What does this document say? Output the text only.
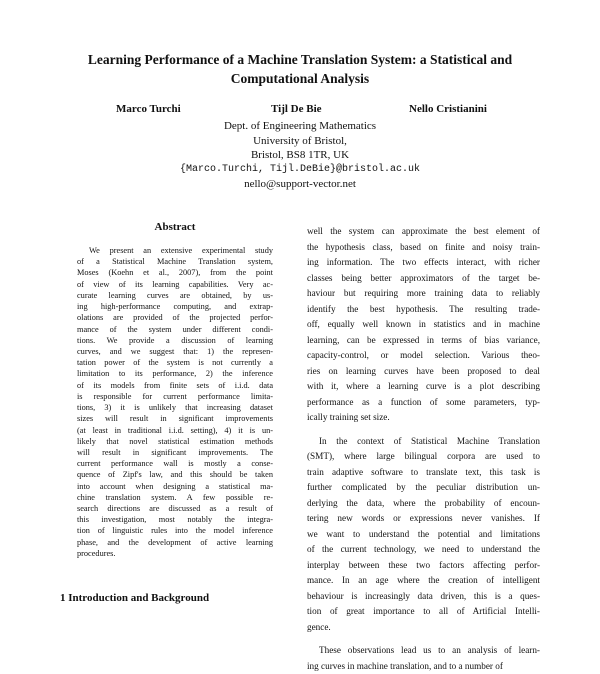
Learning Performance of a Machine Translation System: a Statistical and
Computational Analysis
Marco Turchi	Tijl De Bie	Nello Cristianini
Dept. of Engineering Mathematics
University of Bristol,
Bristol, BS8 1TR, UK
{Marco.Turchi, Tijl.DeBie}@bristol.ac.uk
nello@support-vector.net
Abstract
We present an extensive experimental study
of a Statistical Machine Translation system,
Moses (Koehn et al., 2007), from the point
of view of its learning capabilities. Very ac-
curate learning curves are obtained, by us-
ing high-performance computing, and extrap-
olations are provided of the projected perfor-
mance of the system under different condi-
tions. We provide a discussion of learning
curves, and we suggest that: 1) the represen-
tation power of the system is not currently a
limitation to its performance, 2) the inference
of its models from finite sets of i.i.d. data
is responsible for current performance limita-
tions, 3) it is unlikely that increasing dataset
sizes will result in significant improvements
(at least in traditional i.i.d. setting), 4) it is un-
likely that novel statistical estimation methods
will result in significant improvements. The
current performance wall is mostly a conse-
quence of Zipf's law, and this should be taken
into account when designing a statistical ma-
chine translation system. A few possible re-
search directions are discussed as a result of
this investigation, most notably the integra-
tion of linguistic rules into the model inference
phase, and the development of active learning
procedures.
well the system can approximate the best element of
the hypothesis class, based on finite and noisy train-
ing information. The two effects interact, with richer
classes being better approximators of the target be-
haviour but requiring more training data to reliably
identify the best hypothesis. The resulting trade-
off, equally well known in statistics and in machine
learning, can be expressed in terms of bias variance,
capacity-control, or model selection. Various theo-
ries on learning curves have been proposed to deal
with it, where a learning curve is a plot describing
performance as a function of some parameters, typ-
ically training set size.
In the context of Statistical Machine Translation
(SMT), where large bilingual corpora are used to
train adaptive software to translate text, this task is
further complicated by the peculiar distribution un-
derlying the data, where the probability of encoun-
tering new words or expressions never vanishes. If
we want to understand the potential and limitations
of the current technology, we need to understand the
interplay between these two factors affecting perfor-
mance. In an age where the creation of intelligent
behaviour is increasingly data driven, this is a ques-
tion of great importance to all of Artificial Intelli-
gence.
These observations lead us to an analysis of learn-
ing curves in machine translation, and to a number of
1 Introduction and Background
